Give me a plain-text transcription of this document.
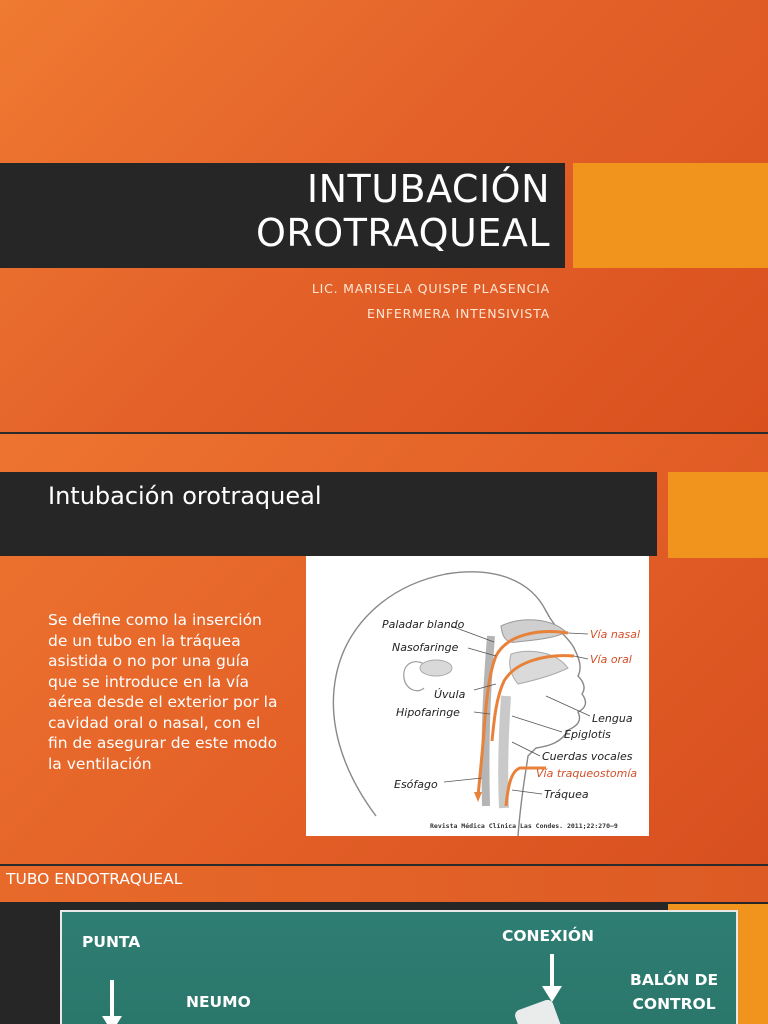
INTUBACIÓN
OROTRAQUEAL
LIC. MARISELA QUISPE PLASENCIA
ENFERMERA INTENSIVISTA
Intubación orotraqueal
Se define como la inserción de un tubo en la tráquea asistida o no por una guía que se introduce en la vía aérea desde el exterior por la cavidad oral o nasal, con el fin de asegurar de este modo la ventilación
Paladar blando
Nasofaringe
Úvula
Hipofaringe
Esófago
Vía nasal
Vía oral
Lengua
Epiglotis
Cuerdas vocales
Vía traqueostomía
Tráquea
Revista Médica Clínica Las Condes. 2011;22:270–9
TUBO ENDOTRAQUEAL
PUNTA
NEUMO
CONEXIÓN
BALÓN DE
CONTROL
